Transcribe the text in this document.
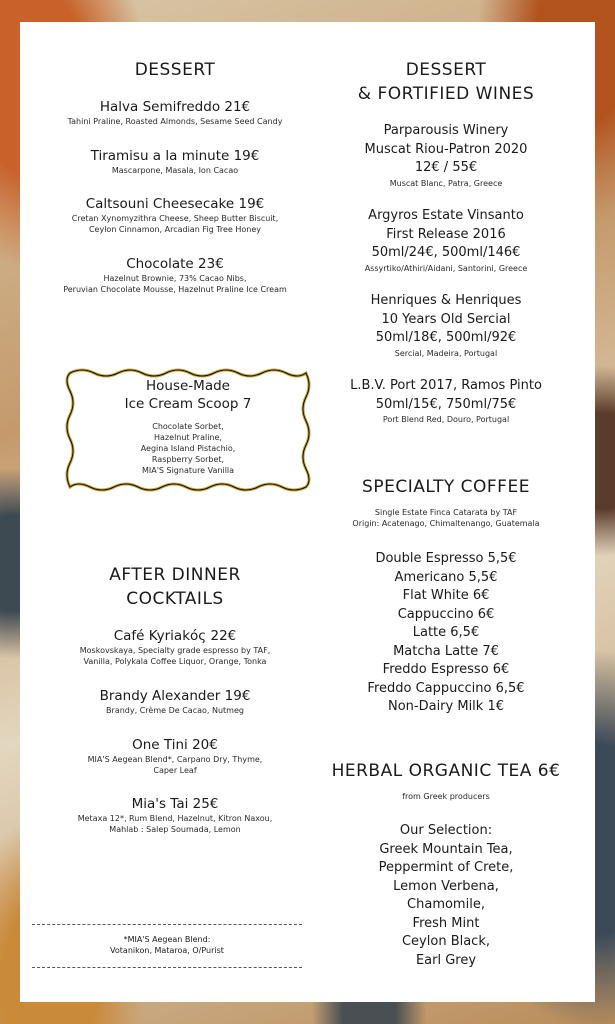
DESSERT
Halva Semifreddo 21€
Tahini Praline, Roasted Almonds, Sesame Seed Candy
Tiramisu a la minute 19€
Mascarpone, Masala, Ion Cacao
Caltsouni Cheesecake 19€
Cretan Xynomyzithra Cheese, Sheep Butter Biscuit,
Ceylon Cinnamon, Arcadian Fig Tree Honey
Chocolate 23€
Hazelnut Brownie, 73% Cacao Nibs,
Peruvian Chocolate Mousse, Hazelnut Praline Ice Cream
House-Made
Ice Cream Scoop 7
Chocolate Sorbet,
Hazelnut Praline,
Aegina Island Pistachio,
Raspberry Sorbet,
MIA'S Signature Vanilla
AFTER DINNER
COCKTAILS
Café Kyriakός 22€
Moskovskaya, Specialty grade espresso by TAF,
Vanilla, Polykala Coffee Liquor, Orange, Tonka
Brandy Alexander 19€
Brandy, Crème De Cacao, Nutmeg
One Tini 20€
MIA'S Aegean Blend*, Carpano Dry, Thyme,
Caper Leaf
Mia's Tai 25€
Metaxa 12*, Rum Blend, Hazelnut, Kitron Naxou,
Mahlab : Salep Soumada, Lemon
*MIA'S Aegean Blend:
Votanikon, Mataroa, O/Purist
DESSERT
& FORTIFIED WINES
Parparousis Winery
Muscat Riou-Patron 2020
12€ / 55€
Muscat Blanc, Patra, Greece
Argyros Estate Vinsanto
First Release 2016
50ml/24€, 500ml/146€
Assyrtiko/Athiri/Aidani, Santorini, Greece
Henriques & Henriques
10 Years Old Sercial
50ml/18€, 500ml/92€
Sercial, Madeira, Portugal
L.B.V. Port 2017, Ramos Pinto
50ml/15€, 750ml/75€
Port Blend Red, Douro, Portugal
SPECIALTY COFFEE
Single Estate Finca Catarata by TAF
Origin: Acatenago, Chimaltenango, Guatemala
Double Espresso 5,5€
Americano 5,5€
Flat White 6€
Cappuccino 6€
Latte 6,5€
Matcha Latte 7€
Freddo Espresso 6€
Freddo Cappuccino 6,5€
Non-Dairy Milk 1€
HERBAL ORGANIC TEA 6€
from Greek producers
Our Selection:
Greek Mountain Tea,
Peppermint of Crete,
Lemon Verbena,
Chamomile,
Fresh Mint
Ceylon Black,
Earl Grey
